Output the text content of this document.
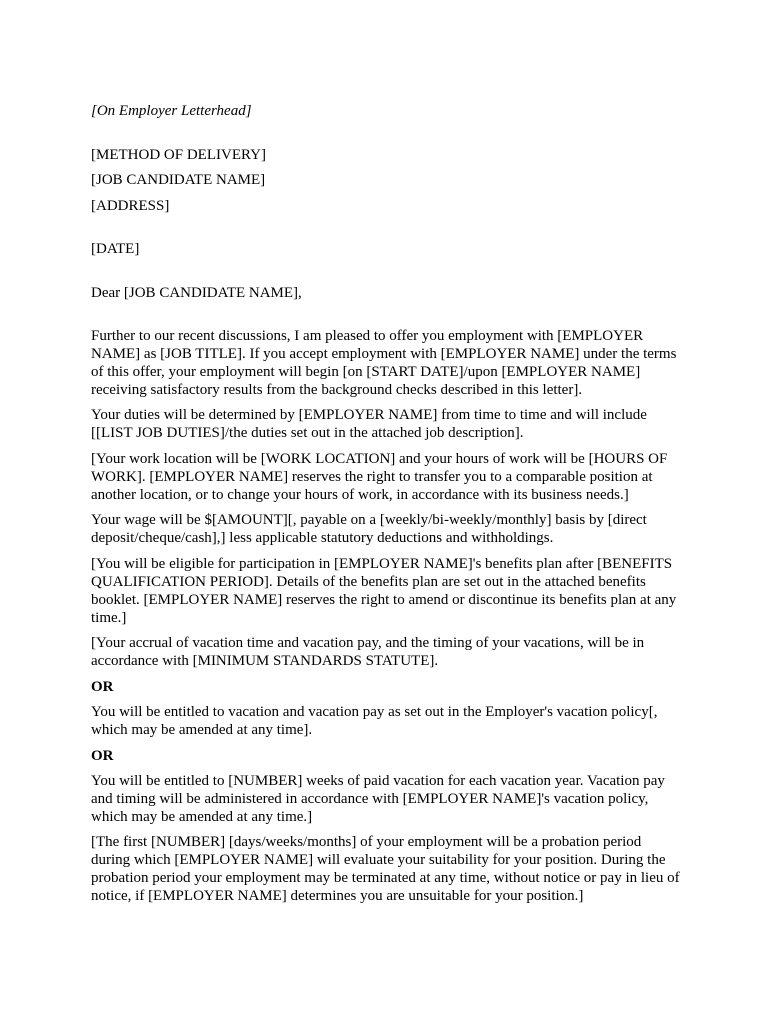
[On Employer Letterhead]
[METHOD OF DELIVERY]
[JOB CANDIDATE NAME]
[ADDRESS]
[DATE]
Dear [JOB CANDIDATE NAME],
Further to our recent discussions, I am pleased to offer you employment with [EMPLOYER NAME] as [JOB TITLE]. If you accept employment with [EMPLOYER NAME] under the terms of this offer, your employment will begin [on [START DATE]/upon [EMPLOYER NAME] receiving satisfactory results from the background checks described in this letter].
Your duties will be determined by [EMPLOYER NAME] from time to time and will include [[LIST JOB DUTIES]/the duties set out in the attached job description].
[Your work location will be [WORK LOCATION] and your hours of work will be [HOURS OF WORK]. [EMPLOYER NAME] reserves the right to transfer you to a comparable position at another location, or to change your hours of work, in accordance with its business needs.]
Your wage will be $[AMOUNT][, payable on a [weekly/bi-weekly/monthly] basis by [direct deposit/cheque/cash],] less applicable statutory deductions and withholdings.
[You will be eligible for participation in [EMPLOYER NAME]'s benefits plan after [BENEFITS QUALIFICATION PERIOD]. Details of the benefits plan are set out in the attached benefits booklet. [EMPLOYER NAME] reserves the right to amend or discontinue its benefits plan at any time.]
[Your accrual of vacation time and vacation pay, and the timing of your vacations, will be in accordance with [MINIMUM STANDARDS STATUTE].
OR
You will be entitled to vacation and vacation pay as set out in the Employer's vacation policy[, which may be amended at any time].
OR
You will be entitled to [NUMBER] weeks of paid vacation for each vacation year. Vacation pay and timing will be administered in accordance with [EMPLOYER NAME]'s vacation policy, which may be amended at any time.]
[The first [NUMBER] [days/weeks/months] of your employment will be a probation period during which [EMPLOYER NAME] will evaluate your suitability for your position. During the probation period your employment may be terminated at any time, without notice or pay in lieu of notice, if [EMPLOYER NAME] determines you are unsuitable for your position.]
